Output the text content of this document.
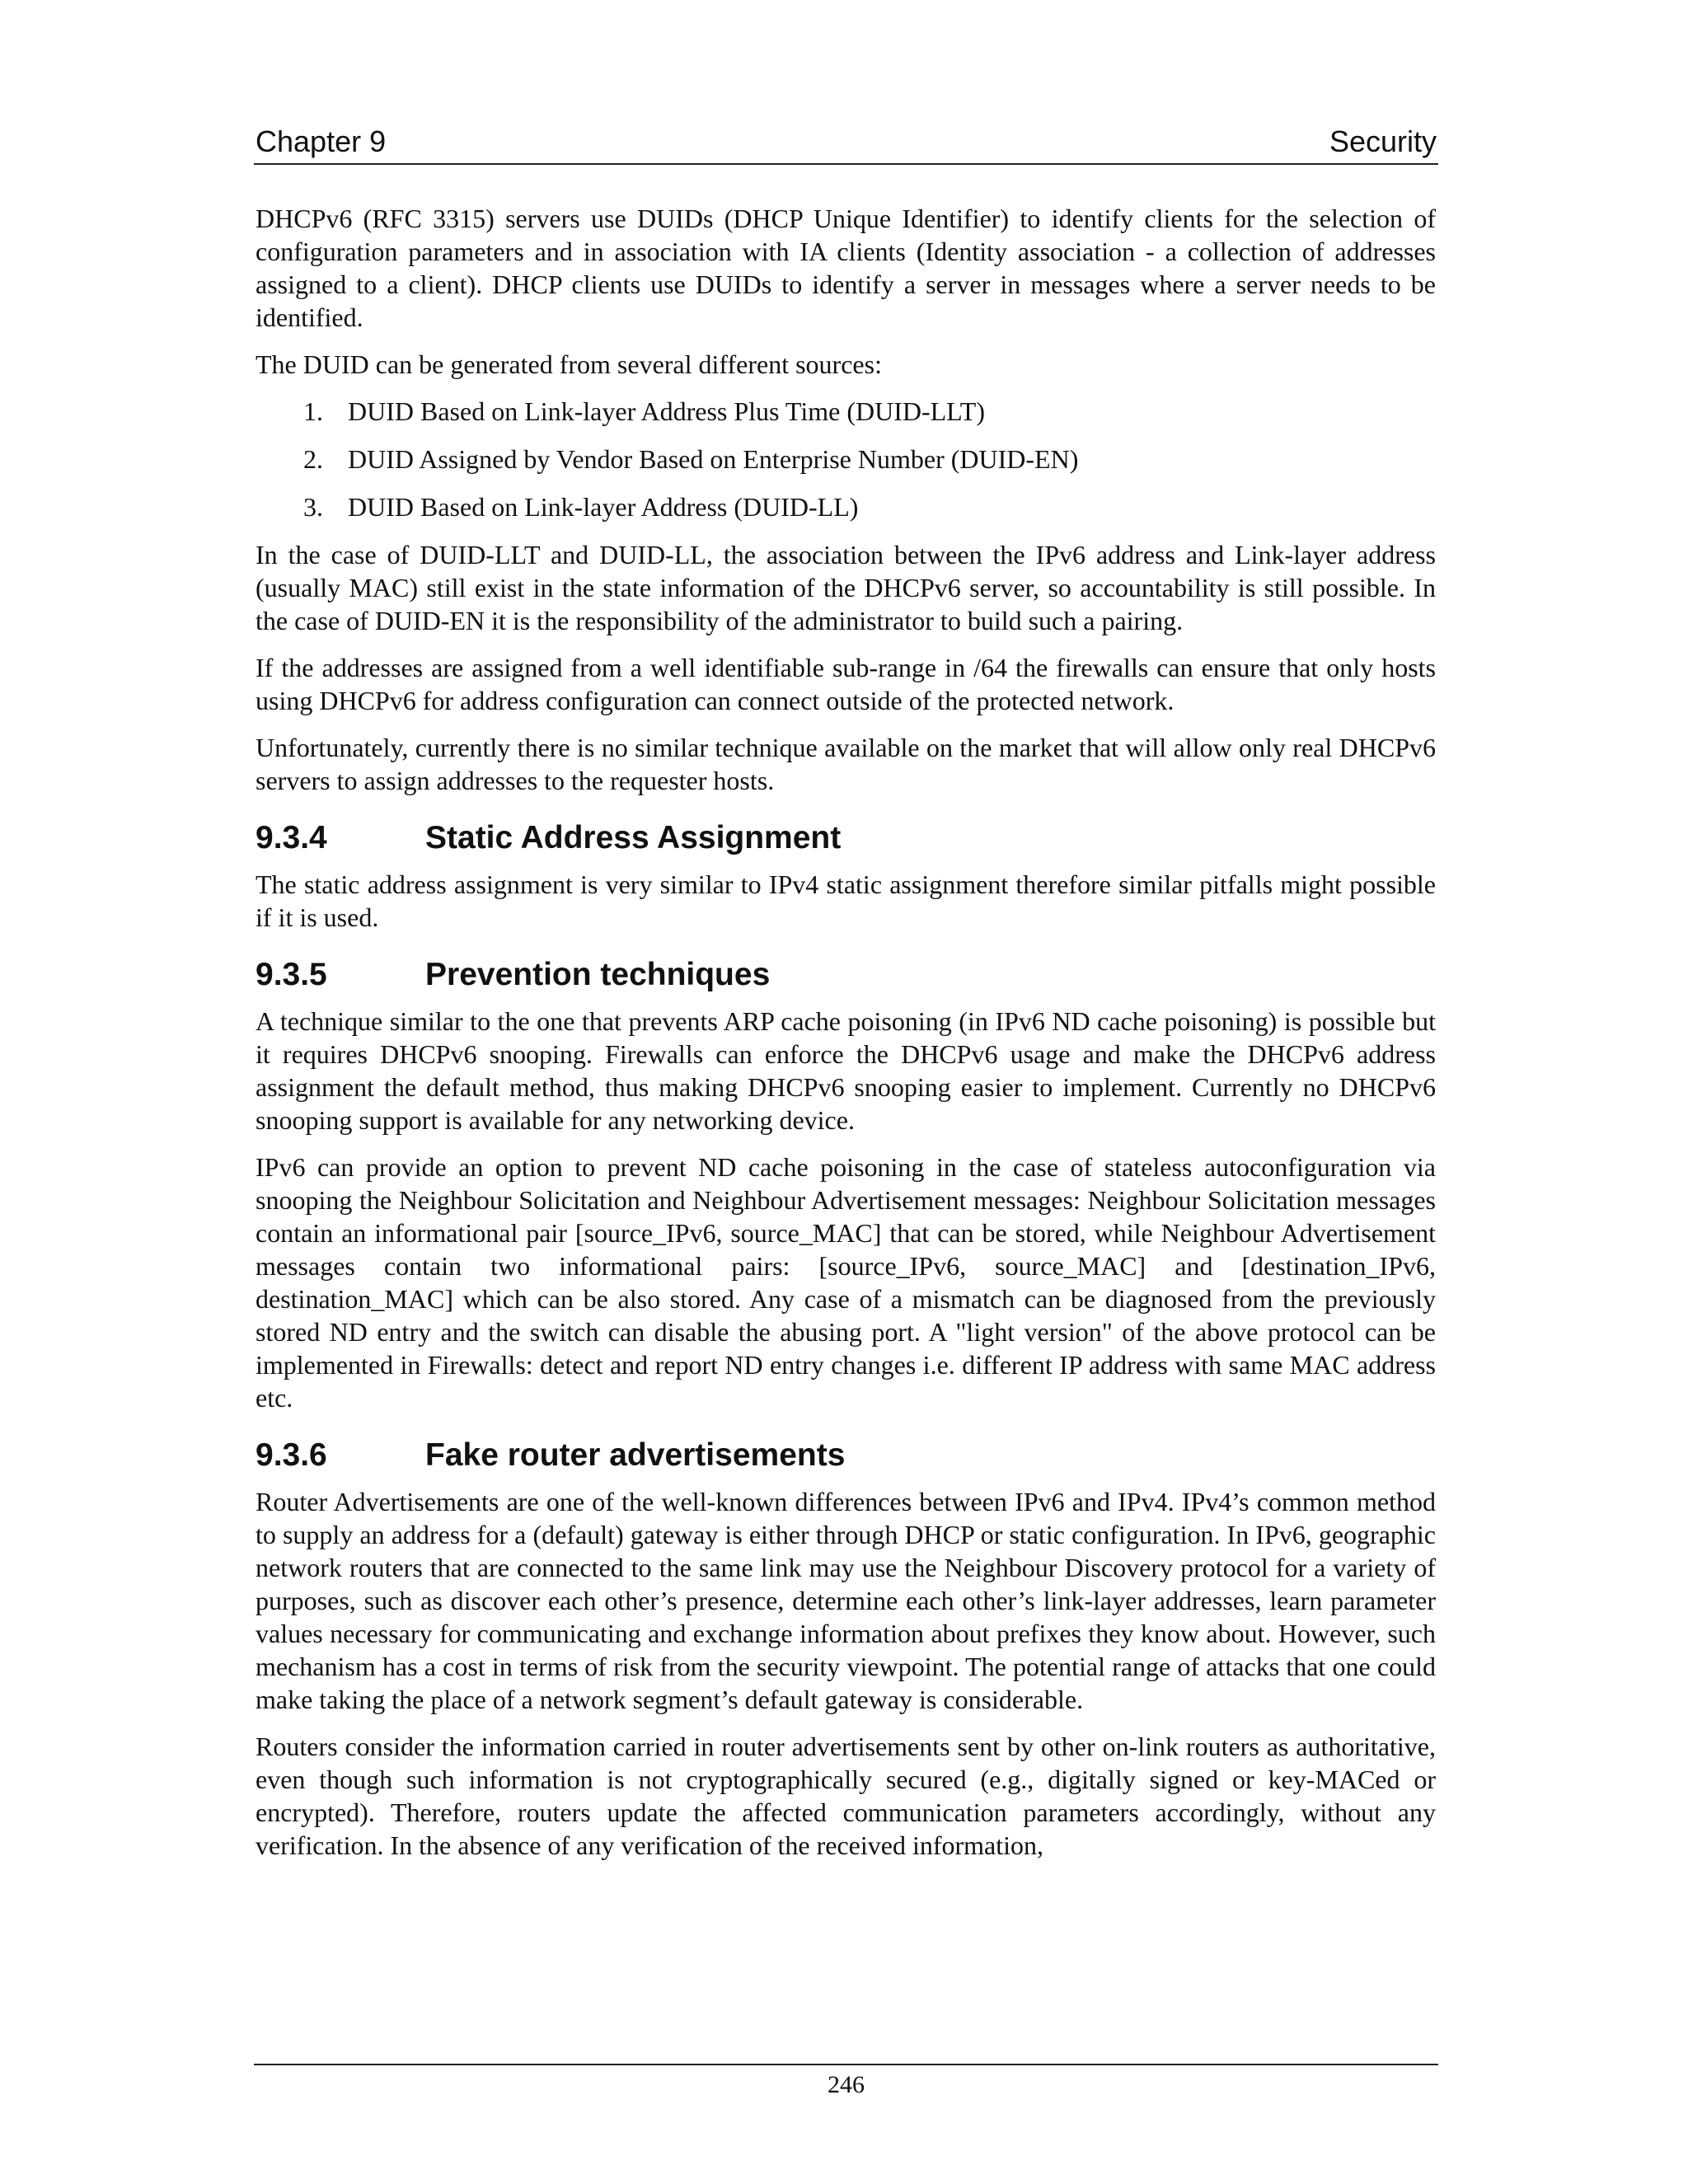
Chapter 9	Security

DHCPv6 (RFC 3315) servers use DUIDs (DHCP Unique Identifier) to identify clients for the selection of configuration parameters and in association with IA clients (Identity association - a collection of addresses assigned to a client). DHCP clients use DUIDs to identify a server in messages where a server needs to be identified.

The DUID can be generated from several different sources:

1. DUID Based on Link-layer Address Plus Time (DUID-LLT)
2. DUID Assigned by Vendor Based on Enterprise Number (DUID-EN)
3. DUID Based on Link-layer Address (DUID-LL)

In the case of DUID-LLT and DUID-LL, the association between the IPv6 address and Link-layer address (usually MAC) still exist in the state information of the DHCPv6 server, so accountability is still possible. In the case of DUID-EN it is the responsibility of the administrator to build such a pairing.

If the addresses are assigned from a well identifiable sub-range in /64 the firewalls can ensure that only hosts using DHCPv6 for address configuration can connect outside of the protected network.

Unfortunately, currently there is no similar technique available on the market that will allow only real DHCPv6 servers to assign addresses to the requester hosts.

9.3.4	Static Address Assignment

The static address assignment is very similar to IPv4 static assignment therefore similar pitfalls might possible if it is used.

9.3.5	Prevention techniques

A technique similar to the one that prevents ARP cache poisoning (in IPv6 ND cache poisoning) is possible but it requires DHCPv6 snooping. Firewalls can enforce the DHCPv6 usage and make the DHCPv6 address assignment the default method, thus making DHCPv6 snooping easier to implement. Currently no DHCPv6 snooping support is available for any networking device.

IPv6 can provide an option to prevent ND cache poisoning in the case of stateless autoconfiguration via snooping the Neighbour Solicitation and Neighbour Advertisement messages: Neighbour Solicitation messages contain an informational pair [source_IPv6, source_MAC] that can be stored, while Neighbour Advertisement messages contain two informational pairs: [source_IPv6, source_MAC] and [destination_IPv6, destination_MAC] which can be also stored. Any case of a mismatch can be diagnosed from the previously stored ND entry and the switch can disable the abusing port. A "light version" of the above protocol can be implemented in Firewalls: detect and report ND entry changes i.e. different IP address with same MAC address etc.

9.3.6	Fake router advertisements

Router Advertisements are one of the well-known differences between IPv6 and IPv4. IPv4’s common method to supply an address for a (default) gateway is either through DHCP or static configuration. In IPv6, geographic network routers that are connected to the same link may use the Neighbour Discovery protocol for a variety of purposes, such as discover each other’s presence, determine each other’s link-layer addresses, learn parameter values necessary for communicating and exchange information about prefixes they know about. However, such mechanism has a cost in terms of risk from the security viewpoint. The potential range of attacks that one could make taking the place of a network segment’s default gateway is considerable.

Routers consider the information carried in router advertisements sent by other on-link routers as authoritative, even though such information is not cryptographically secured (e.g., digitally signed or key-MACed or encrypted). Therefore, routers update the affected communication parameters accordingly, without any verification. In the absence of any verification of the received information,

246
